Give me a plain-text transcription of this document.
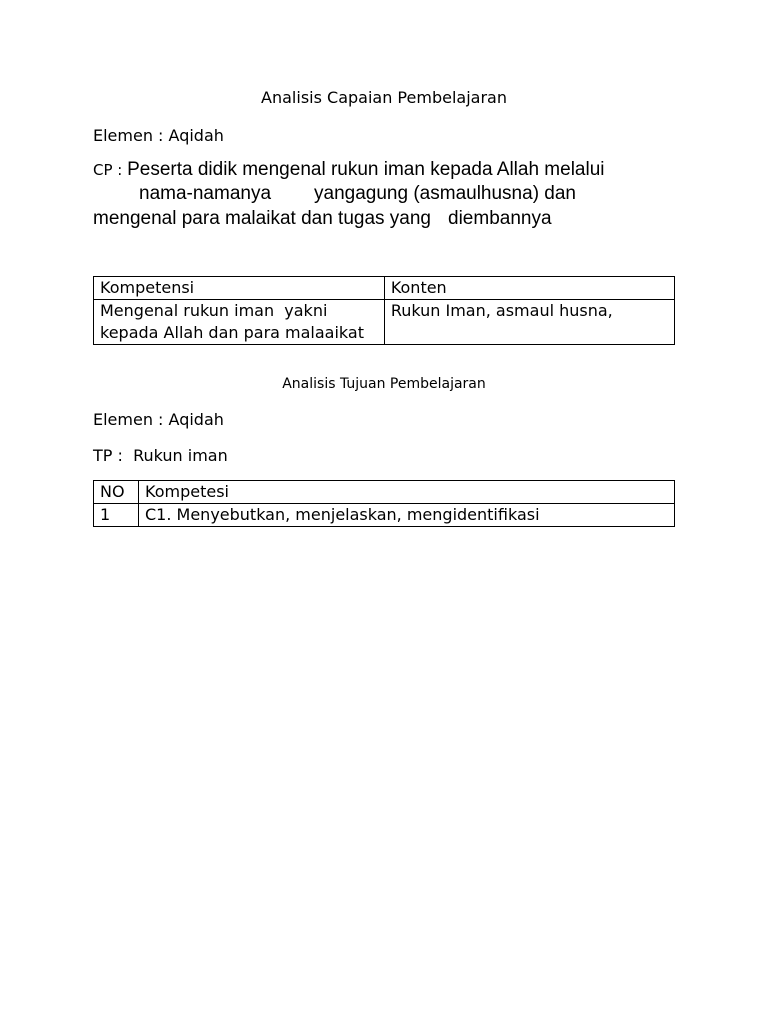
Analisis Capaian Pembelajaran
Elemen : Aqidah
CP : Peserta didik mengenal rukun iman kepada Allah melalui
nama-namanya yangagung (asmaulhusna) dan
mengenal para malaikat dan tugas yang diembannya
Kompetensi	Konten

Mengenal rukun iman  yakni
kepada Allah dan para malaaikat	Rukun Iman, asmaul husna,
Analisis Tujuan Pembelajaran
Elemen : Aqidah
TP :  Rukun iman
NO	Kompetesi
1	C1. Menyebutkan, menjelaskan, mengidentifikasi
